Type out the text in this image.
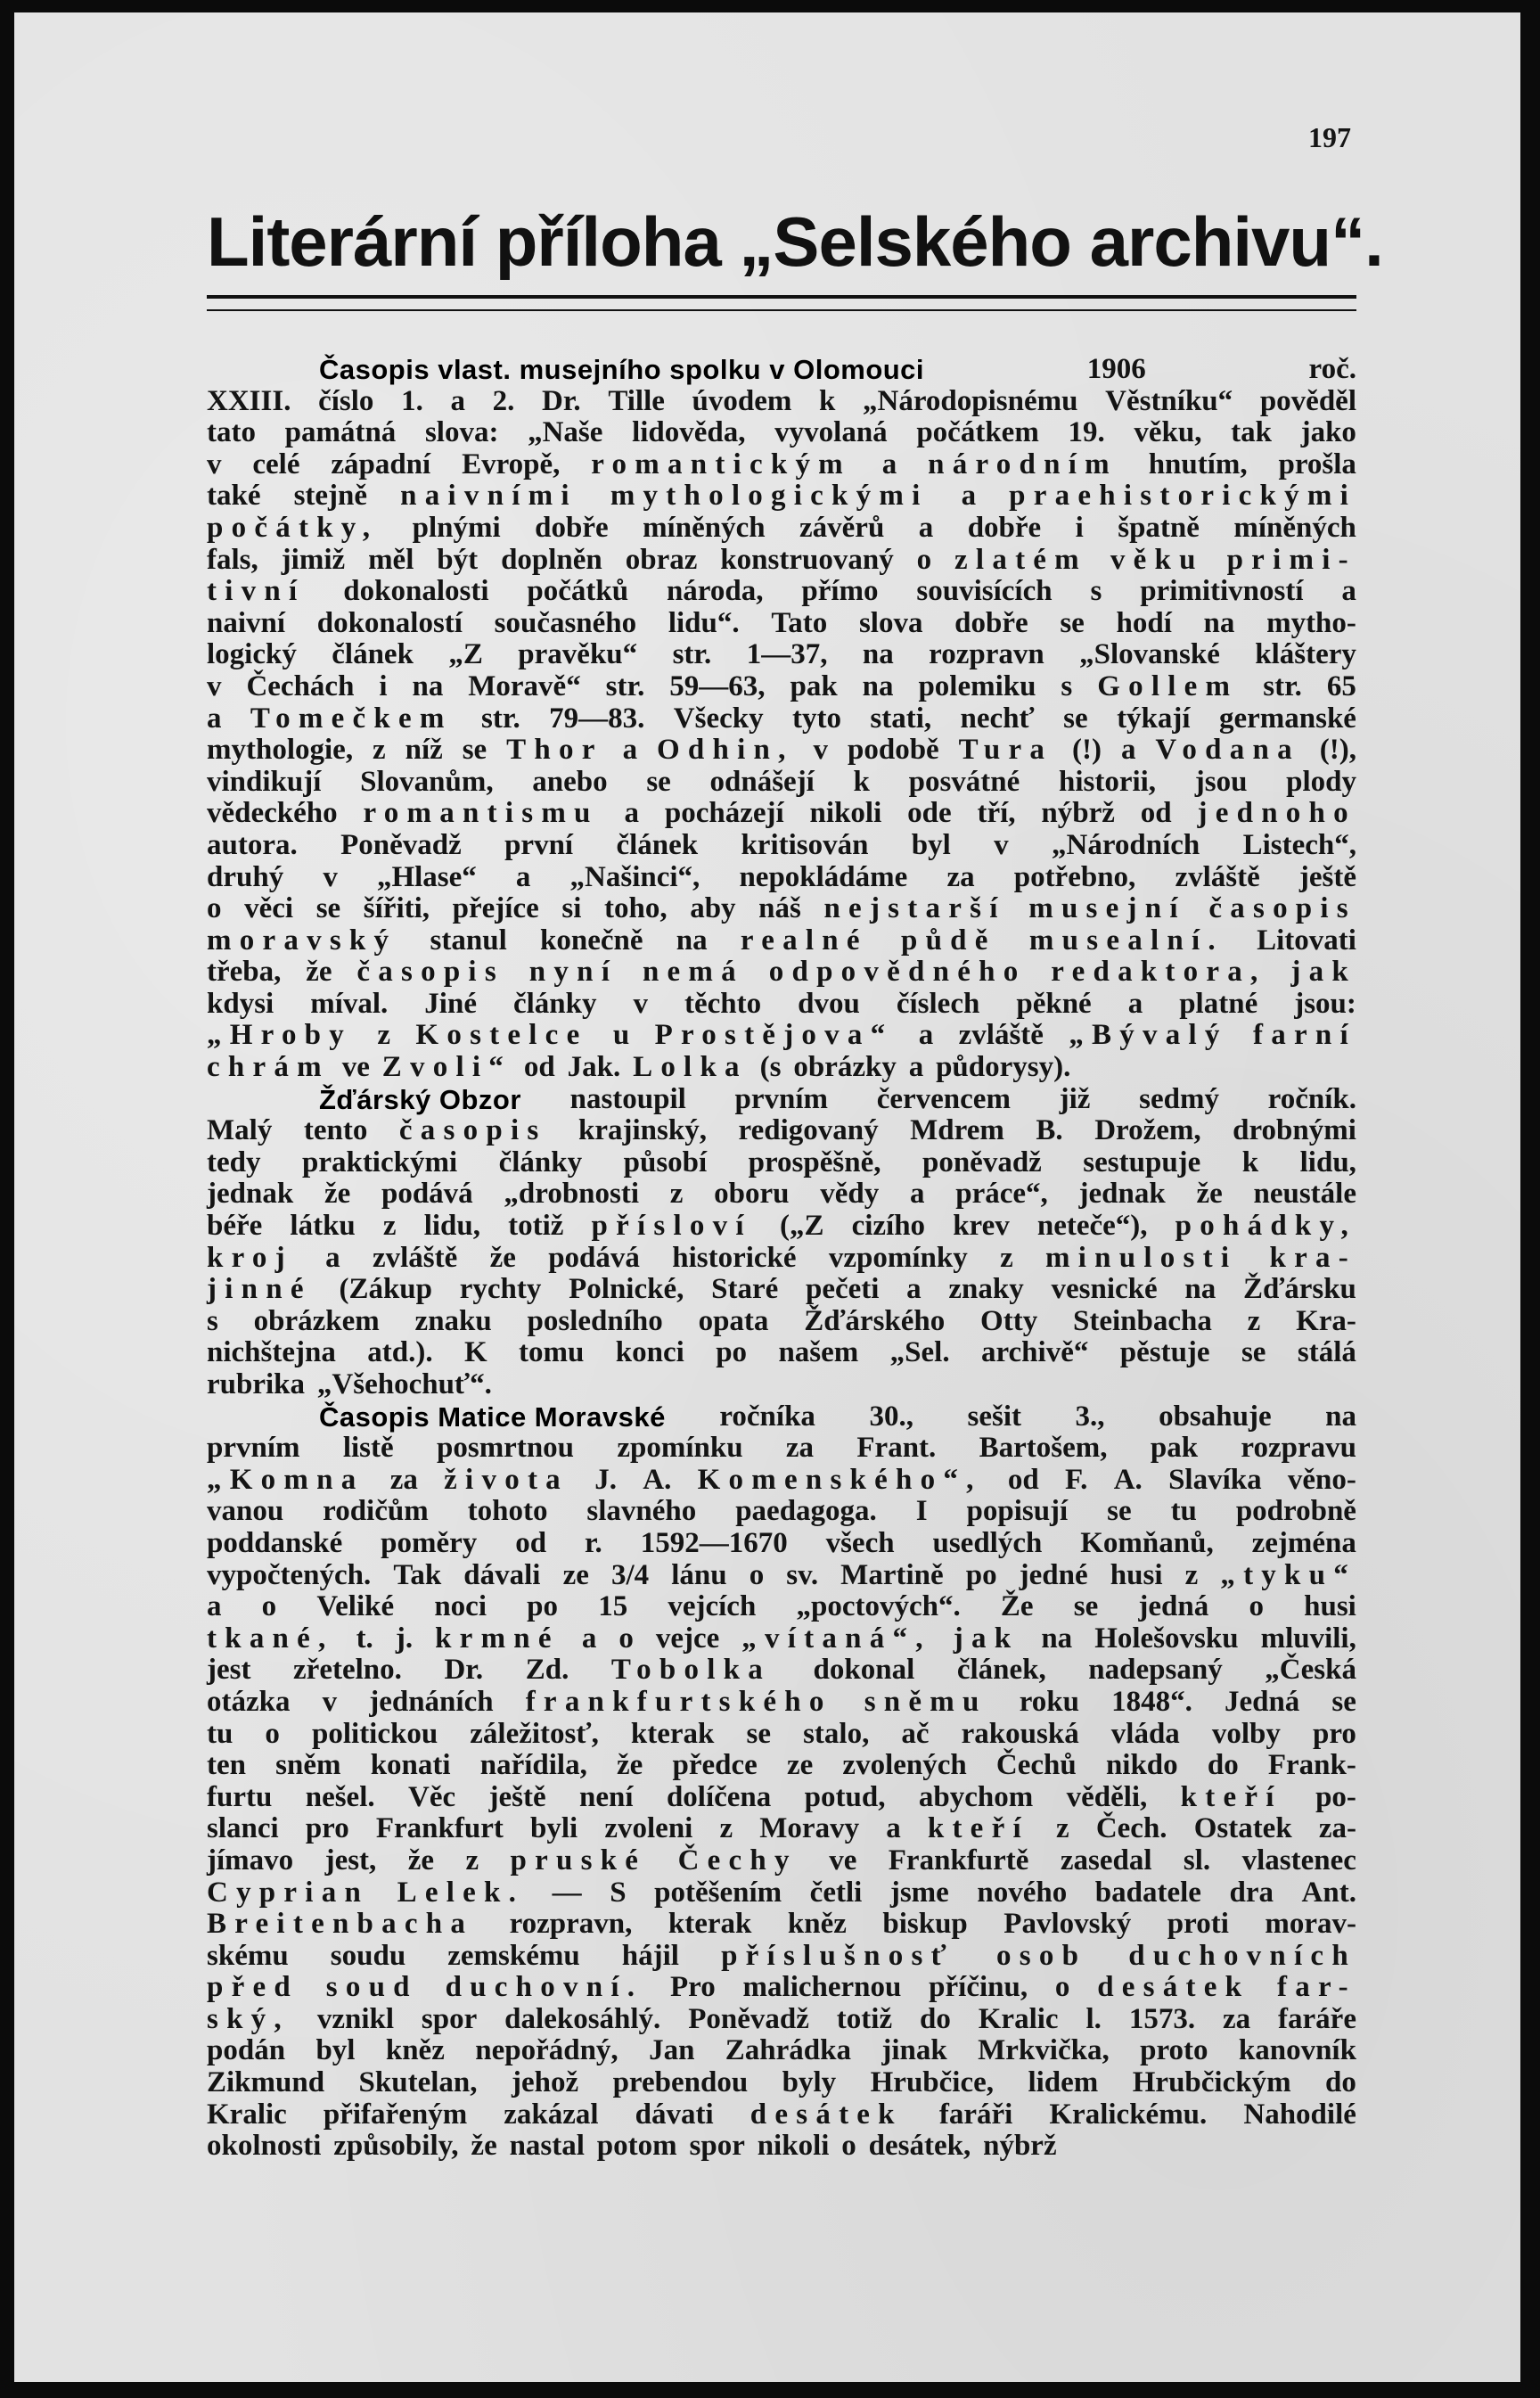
197
Literární příloha „Selského archivu“.
Časopis vlast. musejního spolku v Olomouci	1906	roč.
XXIII. číslo 1. a 2. Dr. Tille úvodem k „Národopisnému Věstníku“ pověděl
tato památná slova: „Naše lidověda, vyvolaná počátkem 19. věku, tak jako
v celé západní Evropě, romantickým a národním hnutím, prošla
také stejně naivními mythologickými a praehistorickými
počátky, plnými dobře míněných závěrů a dobře i špatně míněných
fals, jimiž měl být doplněn obraz konstruovaný o zlatém věku primi-
tivní dokonalosti počátků národa, přímo souvisících s primitivností a
naivní dokonalostí současného lidu“. Tato slova dobře se hodí na mytho-
logický článek „Z pravěku“ str. 1—37, na rozpravn „Slovanské kláštery
v Čechách i na Moravě“ str. 59—63, pak na polemiku s Gollem str. 65
a Tomečkem str. 79—83. Všecky tyto stati, nechť se týkají germanské
mythologie, z níž se Thor a Odhin, v podobě Tura (!) a Vodana (!),
vindikují Slovanům, anebo se odnášejí k posvátné historii, jsou plody
vědeckého romantismu a pocházejí nikoli ode tří, nýbrž od jednoho
autora. Poněvadž první článek kritisován byl v „Národních Listech“,
druhý v „Hlase“ a „Našinci“, nepokládáme za potřebno, zvláště ještě
o věci se šířiti, přejíce si toho, aby náš nejstarší musejní časopis
moravský stanul konečně na realné půdě musealní. Litovati
třeba, že časopis nyní nemá odpovědného redaktora, jak
kdysi míval. Jiné články v těchto dvou číslech pěkné a platné jsou:
„Hroby z Kostelce u Prostějova“ a zvláště „Bývalý farní
chrám ve Zvoli“ od Jak. Lolka (s obrázky a půdorysy).
Žďárský Obzor nastoupil prvním červencem již sedmý ročník.
Malý tento časopis krajinský, redigovaný Mdrem B. Drožem, drobnými
tedy praktickými články působí prospěšně, poněvadž sestupuje k lidu,
jednak že podává „drobnosti z oboru vědy a práce“, jednak že neustále
béře látku z lidu, totiž přísloví („Z cizího krev neteče“), pohádky,
kroj a zvláště že podává historické vzpomínky z minulosti kra-
jinné (Zákup rychty Polnické, Staré pečeti a znaky vesnické na Žďársku
s obrázkem znaku posledního opata Žďárského Otty Steinbacha z Kra-
nichštejna atd.). K tomu konci po našem „Sel. archivě“ pěstuje se stálá
rubrika „Všehochuť“.
Časopis Matice Moravské ročníka 30., sešit 3., obsahuje na
prvním listě posmrtnou zpomínku za Frant. Bartošem, pak rozpravu
„Komna za života J. A. Komenského“, od F. A. Slavíka věno-
vanou rodičům tohoto slavného paedagoga. I popisují se tu podrobně
poddanské poměry od r. 1592—1670 všech usedlých Komňanů, zejména
vypočtených. Tak dávali ze 3/4 lánu o sv. Martině po jedné husi z „tyku“
a o Veliké noci po 15 vejcích „poctových“. Že se jedná o husi
tkané, t. j. krmné a o vejce „vítaná“, jak na Holešovsku mluvili,
jest zřetelno. Dr. Zd. Tobolka dokonal článek, nadepsaný „Česká
otázka v jednáních frankfurtského sněmu roku 1848“. Jedná se
tu o politickou záležitosť, kterak se stalo, ač rakouská vláda volby pro
ten sněm konati nařídila, že předce ze zvolených Čechů nikdo do Frank-
furtu nešel. Věc ještě není dolíčena potud, abychom věděli, kteří po-
slanci pro Frankfurt byli zvoleni z Moravy a kteří z Čech. Ostatek za-
jímavo jest, že z pruské Čechy ve Frankfurtě zasedal sl. vlastenec
Cyprian Lelek. — S potěšením četli jsme nového badatele dra Ant.
Breitenbacha rozpravn, kterak kněz biskup Pavlovský proti morav-
skému soudu zemskému hájil příslušnosť osob duchovních
před soud duchovní. Pro malichernou příčinu, o desátek far-
ský, vznikl spor dalekosáhlý. Poněvadž totiž do Kralic l. 1573. za faráře
podán byl kněz nepořádný, Jan Zahrádka jinak Mrkvička, proto kanovník
Zikmund Skutelan, jehož prebendou byly Hrubčice, lidem Hrubčickým do
Kralic přifařeným zakázal dávati desátek faráři Kralickému. Nahodilé
okolnosti způsobily, že nastal potom spor nikoli o desátek, nýbrž
